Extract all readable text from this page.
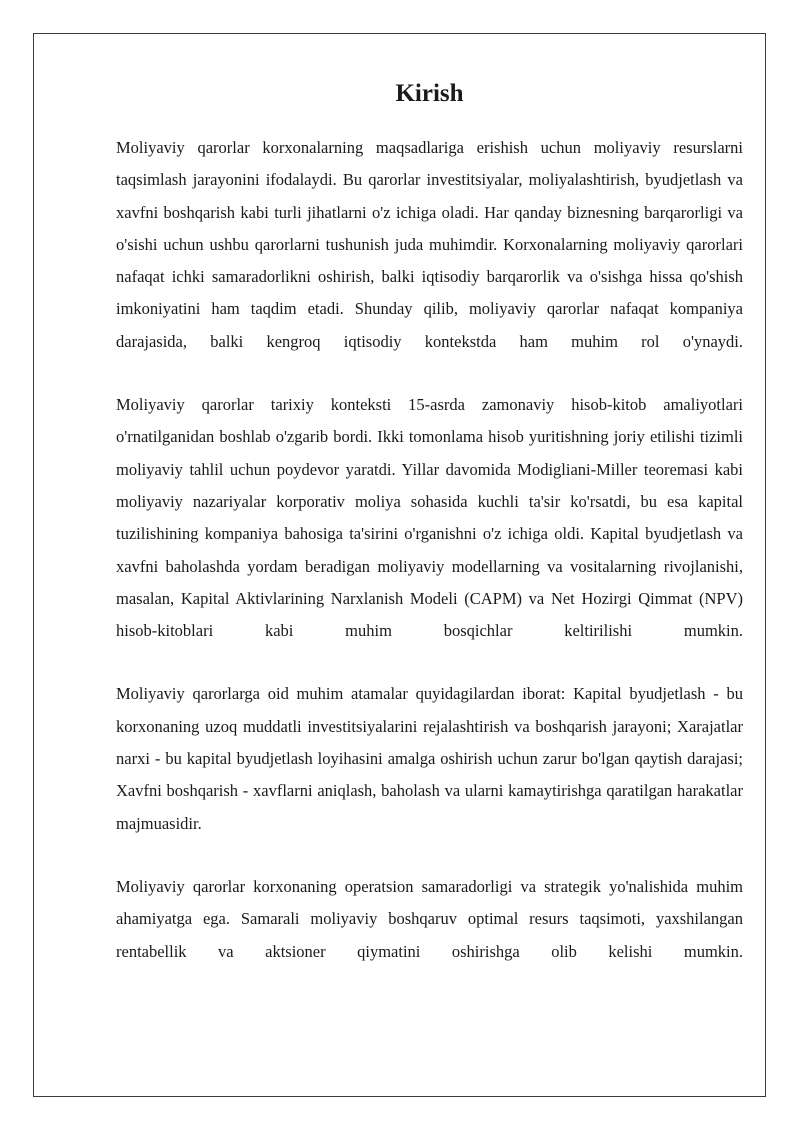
Kirish

Moliyaviy qarorlar korxonalarning maqsadlariga erishish uchun moliyaviy resurslarni taqsimlash jarayonini ifodalaydi. Bu qarorlar investitsiyalar, moliyalashtirish, byudjetlash va xavfni boshqarish kabi turli jihatlarni o'z ichiga oladi. Har qanday biznesning barqarorligi va o'sishi uchun ushbu qarorlarni tushunish juda muhimdir. Korxonalarning moliyaviy qarorlari nafaqat ichki samaradorlikni oshirish, balki iqtisodiy barqarorlik va o'sishga hissa qo'shish imkoniyatini ham taqdim etadi. Shunday qilib, moliyaviy qarorlar nafaqat kompaniya darajasida, balki kengroq iqtisodiy kontekstda ham muhim rol o'ynaydi.

Moliyaviy qarorlar tarixiy konteksti 15-asrda zamonaviy hisob-kitob amaliyotlari o'rnatilganidan boshlab o'zgarib bordi. Ikki tomonlama hisob yuritishning joriy etilishi tizimli moliyaviy tahlil uchun poydevor yaratdi. Yillar davomida Modigliani-Miller teoremasi kabi moliyaviy nazariyalar korporativ moliya sohasida kuchli ta'sir ko'rsatdi, bu esa kapital tuzilishining kompaniya bahosiga ta'sirini o'rganishni o'z ichiga oldi. Kapital byudjetlash va xavfni baholashda yordam beradigan moliyaviy modellarning va vositalarning rivojlanishi, masalan, Kapital Aktivlarining Narxlanish Modeli (CAPM) va Net Hozirgi Qimmat (NPV) hisob-kitoblari kabi muhim bosqichlar keltirilishi mumkin.

Moliyaviy qarorlarga oid muhim atamalar quyidagilardan iborat: Kapital byudjetlash - bu korxonaning uzoq muddatli investitsiyalarini rejalashtirish va boshqarish jarayoni; Xarajatlar narxi - bu kapital byudjetlash loyihasini amalga oshirish uchun zarur bo'lgan qaytish darajasi; Xavfni boshqarish - xavflarni aniqlash, baholash va ularni kamaytirishga qaratilgan harakatlar majmuasidir.

Moliyaviy qarorlar korxonaning operatsion samaradorligi va strategik yo'nalishida muhim ahamiyatga ega. Samarali moliyaviy boshqaruv optimal resurs taqsimoti, yaxshilangan rentabellik va aktsioner qiymatini oshirishga olib kelishi mumkin.
